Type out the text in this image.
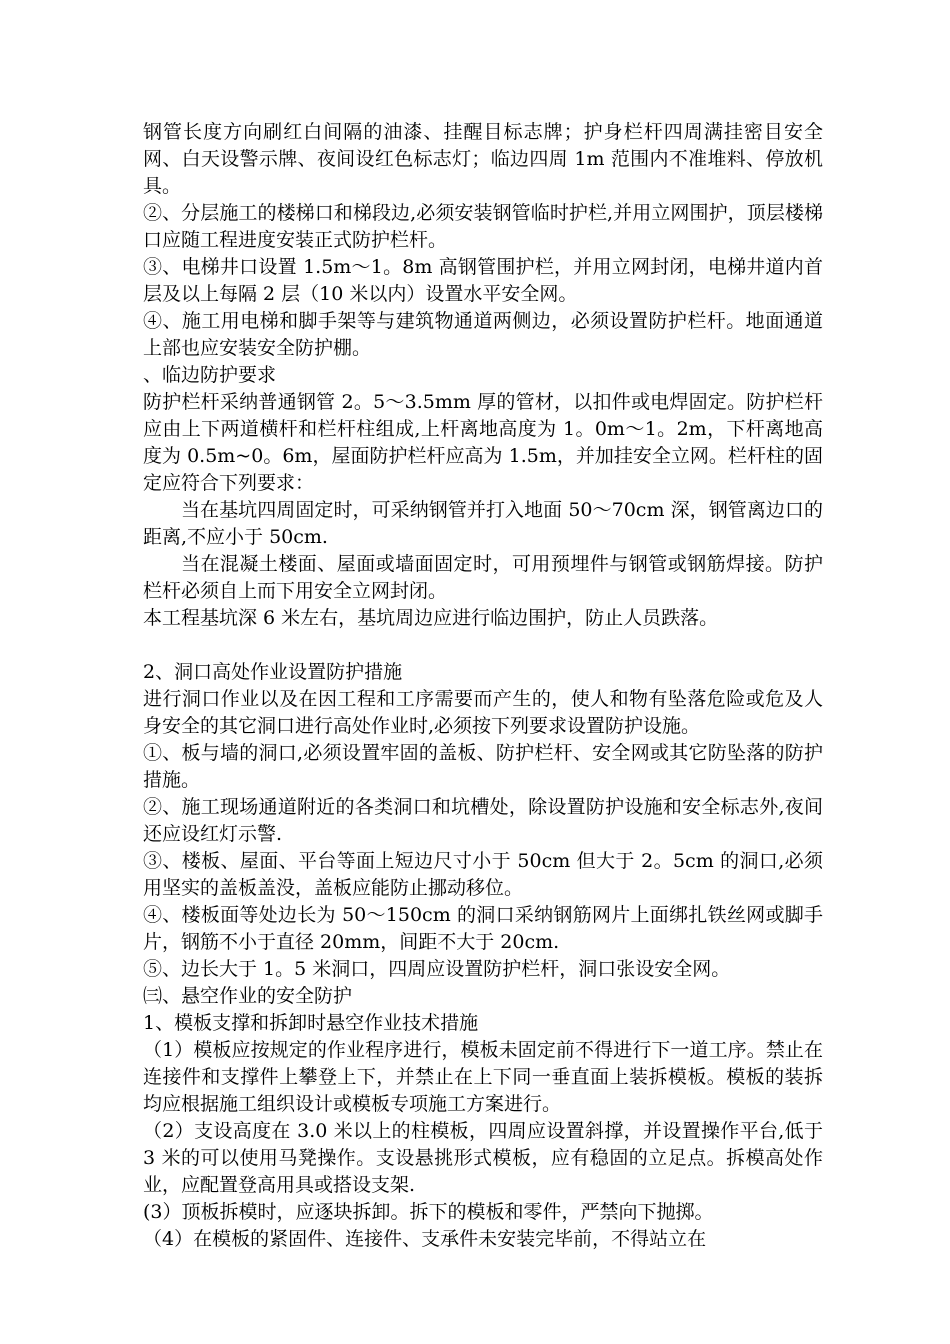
钢管长度方向刷红白间隔的油漆、挂醒目标志牌；护身栏杆四周满挂密目安全网、白天设警示牌、夜间设红色标志灯；临边四周 1m 范围内不准堆料、停放机具。

②、分层施工的楼梯口和梯段边,必须安装钢管临时护栏,并用立网围护，顶层楼梯口应随工程进度安装正式防护栏杆。

③、电梯井口设置 1.5m～1。8m 高钢管围护栏，并用立网封闭，电梯井道内首层及以上每隔 2 层（10 米以内）设置水平安全网。

④、施工用电梯和脚手架等与建筑物通道两侧边，必须设置防护栏杆。地面通道上部也应安装安全防护棚。

、临边防护要求

防护栏杆采纳普通钢管 2。5～3.5mm 厚的管材，以扣件或电焊固定。防护栏杆应由上下两道横杆和栏杆柱组成,上杆离地高度为 1。0m～1。2m，下杆离地高度为 0.5m~0。6m，屋面防护栏杆应高为 1.5m，并加挂安全立网。栏杆柱的固定应符合下列要求：

当在基坑四周固定时，可采纳钢管并打入地面 50～70cm 深，钢管离边口的距离,不应小于 50cm.

当在混凝土楼面、屋面或墙面固定时，可用预埋件与钢管或钢筋焊接。防护栏杆必须自上而下用安全立网封闭。

本工程基坑深 6 米左右，基坑周边应进行临边围护，防止人员跌落。

2、洞口高处作业设置防护措施

进行洞口作业以及在因工程和工序需要而产生的，使人和物有坠落危险或危及人身安全的其它洞口进行高处作业时,必须按下列要求设置防护设施。

①、板与墙的洞口,必须设置牢固的盖板、防护栏杆、安全网或其它防坠落的防护措施。

②、施工现场通道附近的各类洞口和坑槽处，除设置防护设施和安全标志外,夜间还应设红灯示警.

③、楼板、屋面、平台等面上短边尺寸小于 50cm 但大于 2。5cm 的洞口,必须用坚实的盖板盖没，盖板应能防止挪动移位。

④、楼板面等处边长为 50～150cm 的洞口采纳钢筋网片上面绑扎铁丝网或脚手片，钢筋不小于直径 20mm，间距不大于 20cm.

⑤、边长大于 1。5 米洞口，四周应设置防护栏杆，洞口张设安全网。

㈢、悬空作业的安全防护

1、模板支撑和拆卸时悬空作业技术措施

（1）模板应按规定的作业程序进行，模板未固定前不得进行下一道工序。禁止在连接件和支撑件上攀登上下，并禁止在上下同一垂直面上装拆模板。模板的装拆均应根据施工组织设计或模板专项施工方案进行。

（2）支设高度在 3.0 米以上的柱模板，四周应设置斜撑，并设置操作平台,低于 3 米的可以使用马凳操作。支设悬挑形式模板，应有稳固的立足点。拆模高处作业，应配置登高用具或搭设支架.

(3）顶板拆模时，应逐块拆卸。拆下的模板和零件，严禁向下抛掷。

（4）在模板的紧固件、连接件、支承件未安装完毕前，不得站立在
